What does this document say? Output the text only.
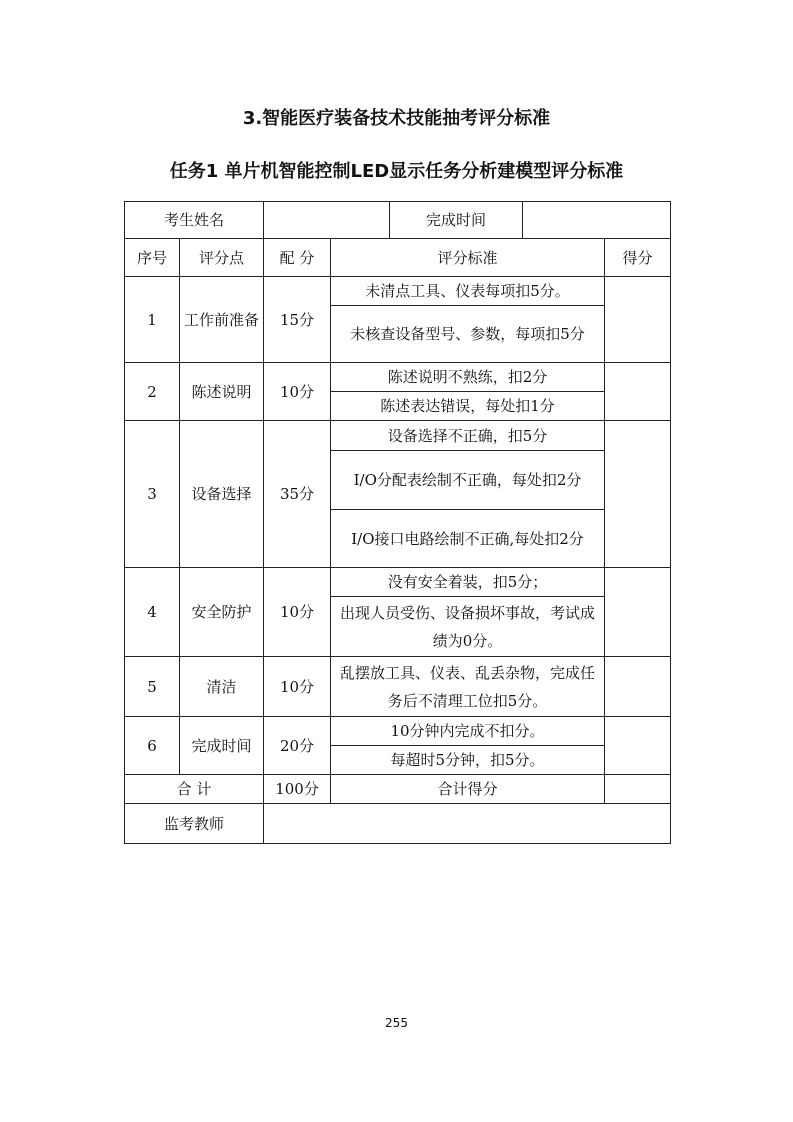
3.智能医疗装备技术技能抽考评分标准
任务1 单片机智能控制LED显示任务分析建模型评分标准
考生姓名				完成时间		
序号	评分点	配 分	评分标准			得分
1	工作前准备	15分	未清点工具、仪表每项扣5分。			
			未核查设备型号、参数，每项扣5分			
2	陈述说明	10分	陈述说明不熟练，扣2分			
			陈述表达错误，每处扣1分			
3	设备选择	35分	设备选择不正确，扣5分			
			I/O分配表绘制不正确，每处扣2分			
			I/O接口电路绘制不正确,每处扣2分			
4	安全防护	10分	没有安全着装，扣5分；			
			出现人员受伤、设备损坏事故，考试成绩为0分。			
5	清洁	10分	乱摆放工具、仪表、乱丢杂物，完成任务后不清理工位扣5分。			
6	完成时间	20分	10分钟内完成不扣分。			
			每超时5分钟，扣5分。			
合 计		100分	合计得分			
监考教师						
255
